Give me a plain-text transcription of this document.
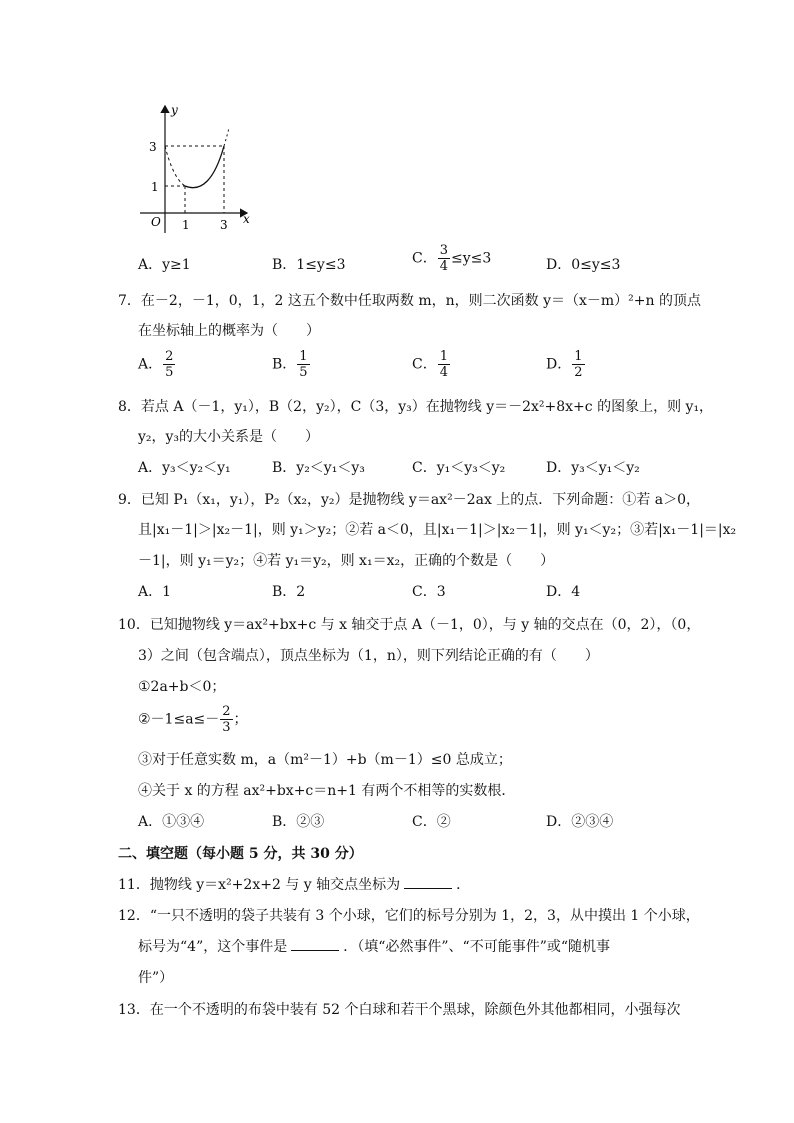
y
x
O
3
1
1	3
A．y≥1	B．1≤y≤3	C． $\frac{3}{4} \le y\le 3$	D．0≤y≤3
7．在－2，－1，0，1，2 这五个数中任取两数 m，n，则二次函数 y＝（x－m）²+n 的顶点
在坐标轴上的概率为（　　）
A． $\frac{2}{5}$	B． $\frac{1}{5}$	C． $\frac{1}{4}$	D． $\frac{1}{2}$
8．若点 A（－1，y₁），B（2，y₂），C（3，y₃）在抛物线 y＝－2x²+8x+c 的图象上，则 y₁，
y₂，y₃的大小关系是（　　）
A．y₃＜y₂＜y₁	B．y₂＜y₁＜y₃	C．y₁＜y₃＜y₂	D．y₃＜y₁＜y₂
9．已知 P₁（x₁，y₁），P₂（x₂，y₂）是抛物线 y＝ax²－2ax 上的点．下列命题：①若 a＞0，
且|x₁－1|＞|x₂－1|，则 y₁＞y₂；②若 a＜0，且|x₁－1|＞|x₂－1|，则 y₁＜y₂；③若|x₁－1|＝|x₂
－1|，则 y₁＝y₂；④若 y₁＝y₂，则 x₁＝x₂，正确的个数是（　　）
A．1	B．2	C．3	D．4
10．已知抛物线 y＝ax²+bx+c 与 x 轴交于点 A（－1，0），与 y 轴的交点在（0，2），（0，
3）之间（包含端点），顶点坐标为（1，n），则下列结论正确的有（　　）
①2a+b＜0；
②－1≤a≤－ $\frac{2}{3}$ ；
③对于任意实数 m，a（m²－1）+b（m－1）≤0 总成立；
④关于 x 的方程 ax²+bx+c＝n+1 有两个不相等的实数根．
A．①③④	B．②③	C．②	D．②③④
二、填空题（每小题 5 分，共 30 分）
11．抛物线 y＝x²+2x+2 与 y 轴交点坐标为	．
12．“一只不透明的袋子共装有 3 个小球，它们的标号分别为 1，2，3，从中摸出 1 个小球，
标号为“4”，这个事件是	．（填“必然事件”、“不可能事件”或“随机事
件”）
13．在一个不透明的布袋中装有 52 个白球和若干个黑球，除颜色外其他都相同，小强每次
